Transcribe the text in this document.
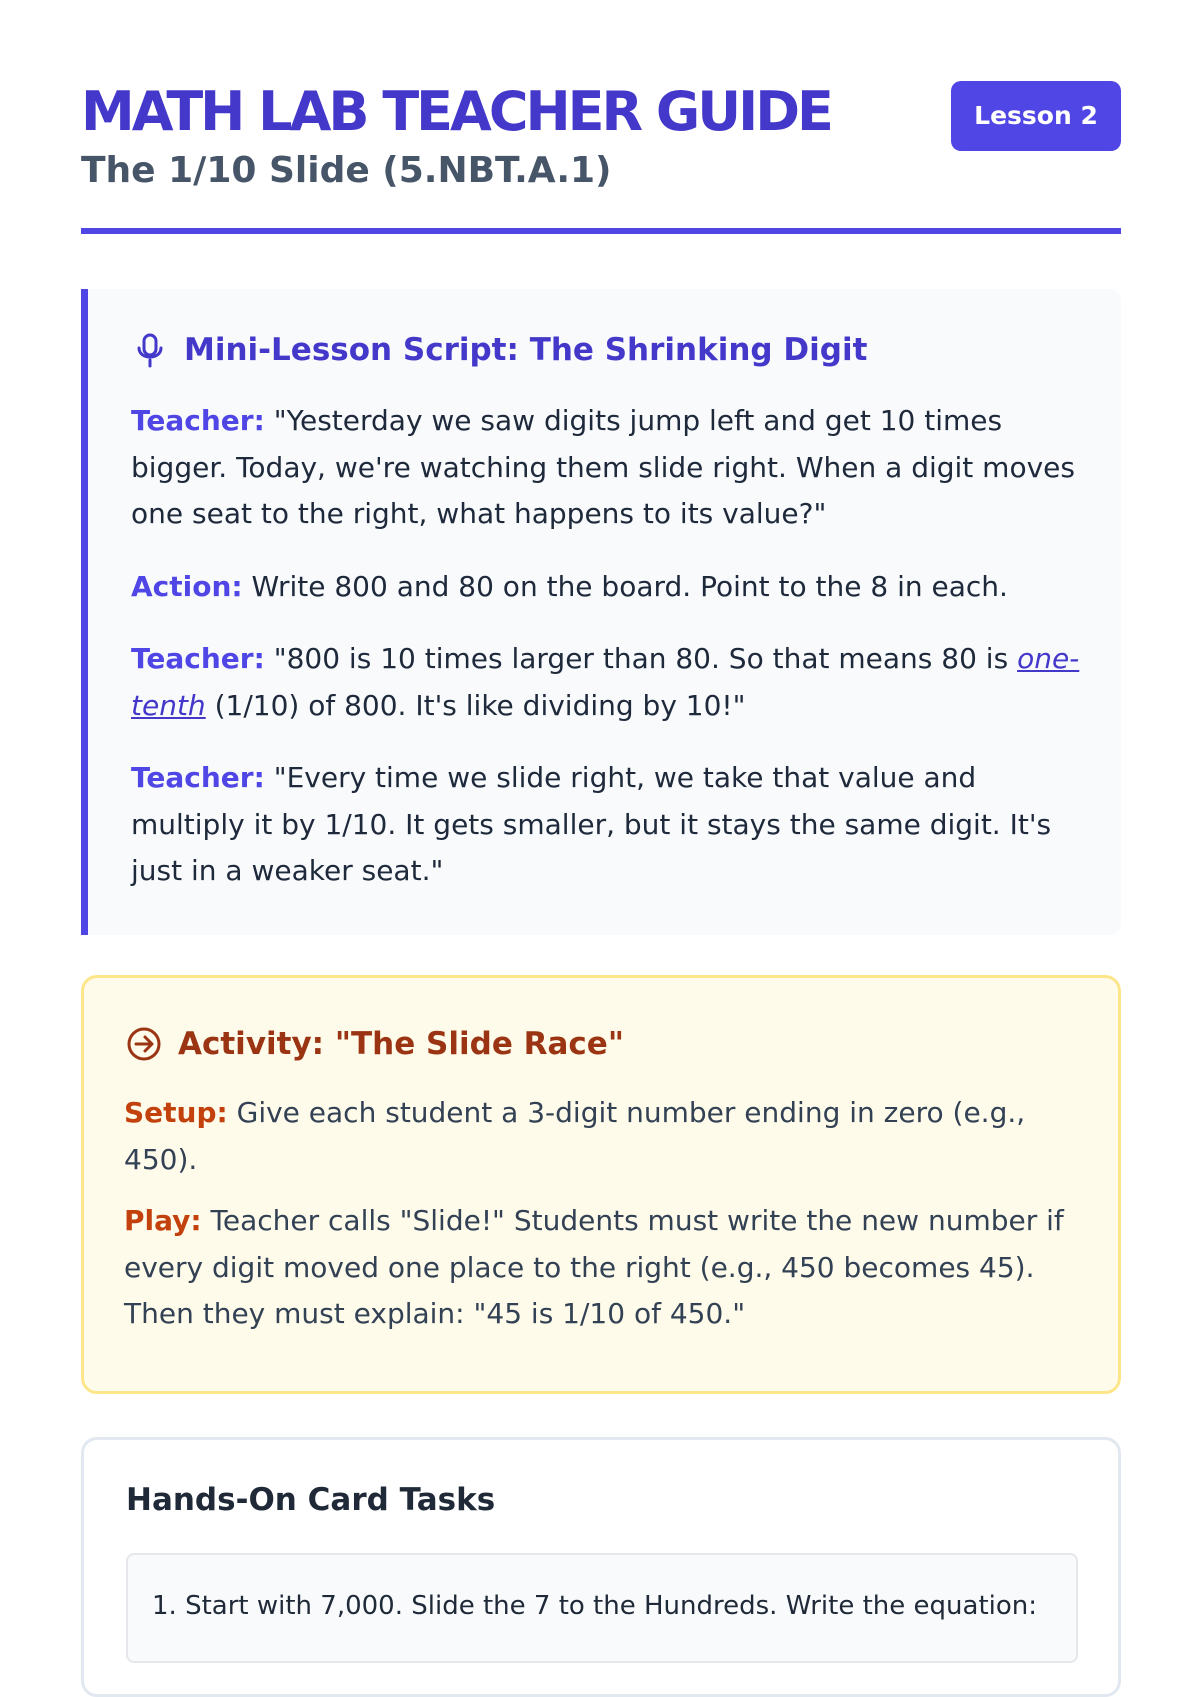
MATH LAB TEACHER GUIDE
The 1/10 Slide (5.NBT.A.1)
Lesson 2
Mini-Lesson Script: The Shrinking Digit

Teacher: "Yesterday we saw digits jump left and get 10 times bigger. Today, we're watching them slide right. When a digit moves one seat to the right, what happens to its value?"

Action: Write 800 and 80 on the board. Point to the 8 in each.

Teacher: "800 is 10 times larger than 80. So that means 80 is one-tenth (1/10) of 800. It's like dividing by 10!"

Teacher: "Every time we slide right, we take that value and multiply it by 1/10. It gets smaller, but it stays the same digit. It's just in a weaker seat."

Activity: "The Slide Race"

Setup: Give each student a 3-digit number ending in zero (e.g., 450).

Play: Teacher calls "Slide!" Students must write the new number if every digit moved one place to the right (e.g., 450 becomes 45). Then they must explain: "45 is 1/10 of 450."

Hands-On Card Tasks
1. Start with 7,000. Slide the 7 to the Hundreds. Write the equation:
